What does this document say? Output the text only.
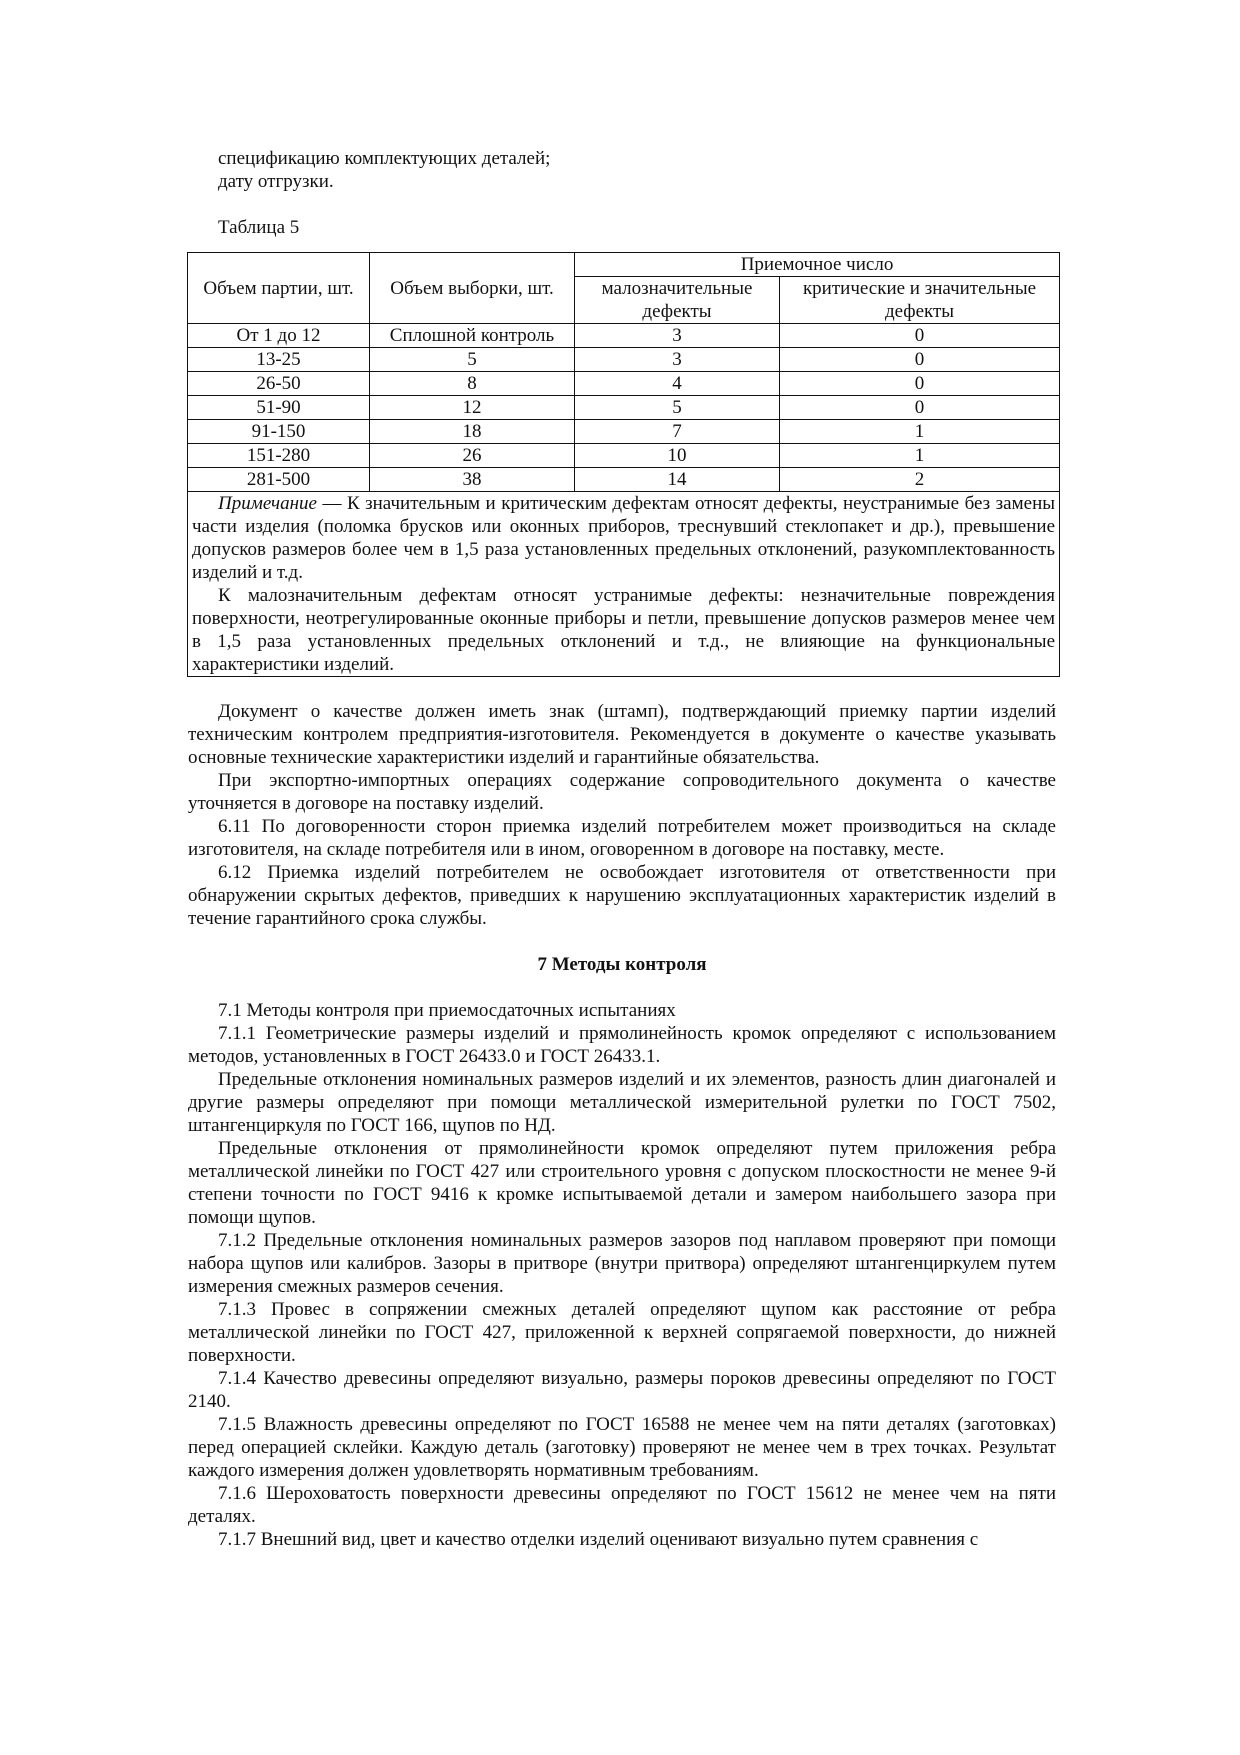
спецификацию комплектующих деталей;

дату отгрузки.

Таблица 5

Объем партии, шт.	Объем выборки, шт.	Приемочное число	
		малозначительные дефекты	критические и значительные дефекты
От 1 до 12	Сплошной контроль	3	0
13-25	5	3	0
26-50	8	4	0
51-90	12	5	0
91-150	18	7	1
151-280	26	10	1
281-500	38	14	2

Примечание — К значительным и критическим дефектам относят дефекты, неустранимые без замены части изделия (поломка брусков или оконных приборов, треснувший стеклопакет и др.), превышение допусков размеров более чем в 1,5 раза установленных предельных отклонений, разукомплектованность изделий и т.д.

К малозначительным дефектам относят устранимые дефекты: незначительные повреждения поверхности, неотрегулированные оконные приборы и петли, превышение допусков размеров менее чем в 1,5 раза установленных предельных отклонений и т.д., не влияющие на функциональные характеристики изделий.			

Документ о качестве должен иметь знак (штамп), подтверждающий приемку партии изделий техническим контролем предприятия-изготовителя. Рекомендуется в документе о качестве указывать основные технические характеристики изделий и гарантийные обязательства.

При экспортно-импортных операциях содержание сопроводительного документа о качестве уточняется в договоре на поставку изделий.

6.11 По договоренности сторон приемка изделий потребителем может производиться на складе изготовителя, на складе потребителя или в ином, оговоренном в договоре на поставку, месте.

6.12 Приемка изделий потребителем не освобождает изготовителя от ответственности при обнаружении скрытых дефектов, приведших к нарушению эксплуатационных характеристик изделий в течение гарантийного срока службы.

7 Методы контроля

7.1 Методы контроля при приемосдаточных испытаниях

7.1.1 Геометрические размеры изделий и прямолинейность кромок определяют с использованием методов, установленных в ГОСТ 26433.0 и ГОСТ 26433.1.

Предельные отклонения номинальных размеров изделий и их элементов, разность длин диагоналей и другие размеры определяют при помощи металлической измерительной рулетки по ГОСТ 7502, штангенциркуля по ГОСТ 166, щупов по НД.

Предельные отклонения от прямолинейности кромок определяют путем приложения ребра металлической линейки по ГОСТ 427 или строительного уровня с допуском плоскостности не менее 9-й степени точности по ГОСТ 9416 к кромке испытываемой детали и замером наибольшего зазора при помощи щупов.

7.1.2 Предельные отклонения номинальных размеров зазоров под наплавом проверяют при помощи набора щупов или калибров. Зазоры в притворе (внутри притвора) определяют штангенциркулем путем измерения смежных размеров сечения.

7.1.3 Провес в сопряжении смежных деталей определяют щупом как расстояние от ребра металлической линейки по ГОСТ 427, приложенной к верхней сопрягаемой поверхности, до нижней поверхности.

7.1.4 Качество древесины определяют визуально, размеры пороков древесины определяют по ГОСТ 2140.

7.1.5 Влажность древесины определяют по ГОСТ 16588 не менее чем на пяти деталях (заготовках) перед операцией склейки. Каждую деталь (заготовку) проверяют не менее чем в трех точках. Результат каждого измерения должен удовлетворять нормативным требованиям.

7.1.6 Шероховатость поверхности древесины определяют по ГОСТ 15612 не менее чем на пяти деталях.

7.1.7 Внешний вид, цвет и качество отделки изделий оценивают визуально путем сравнения с
